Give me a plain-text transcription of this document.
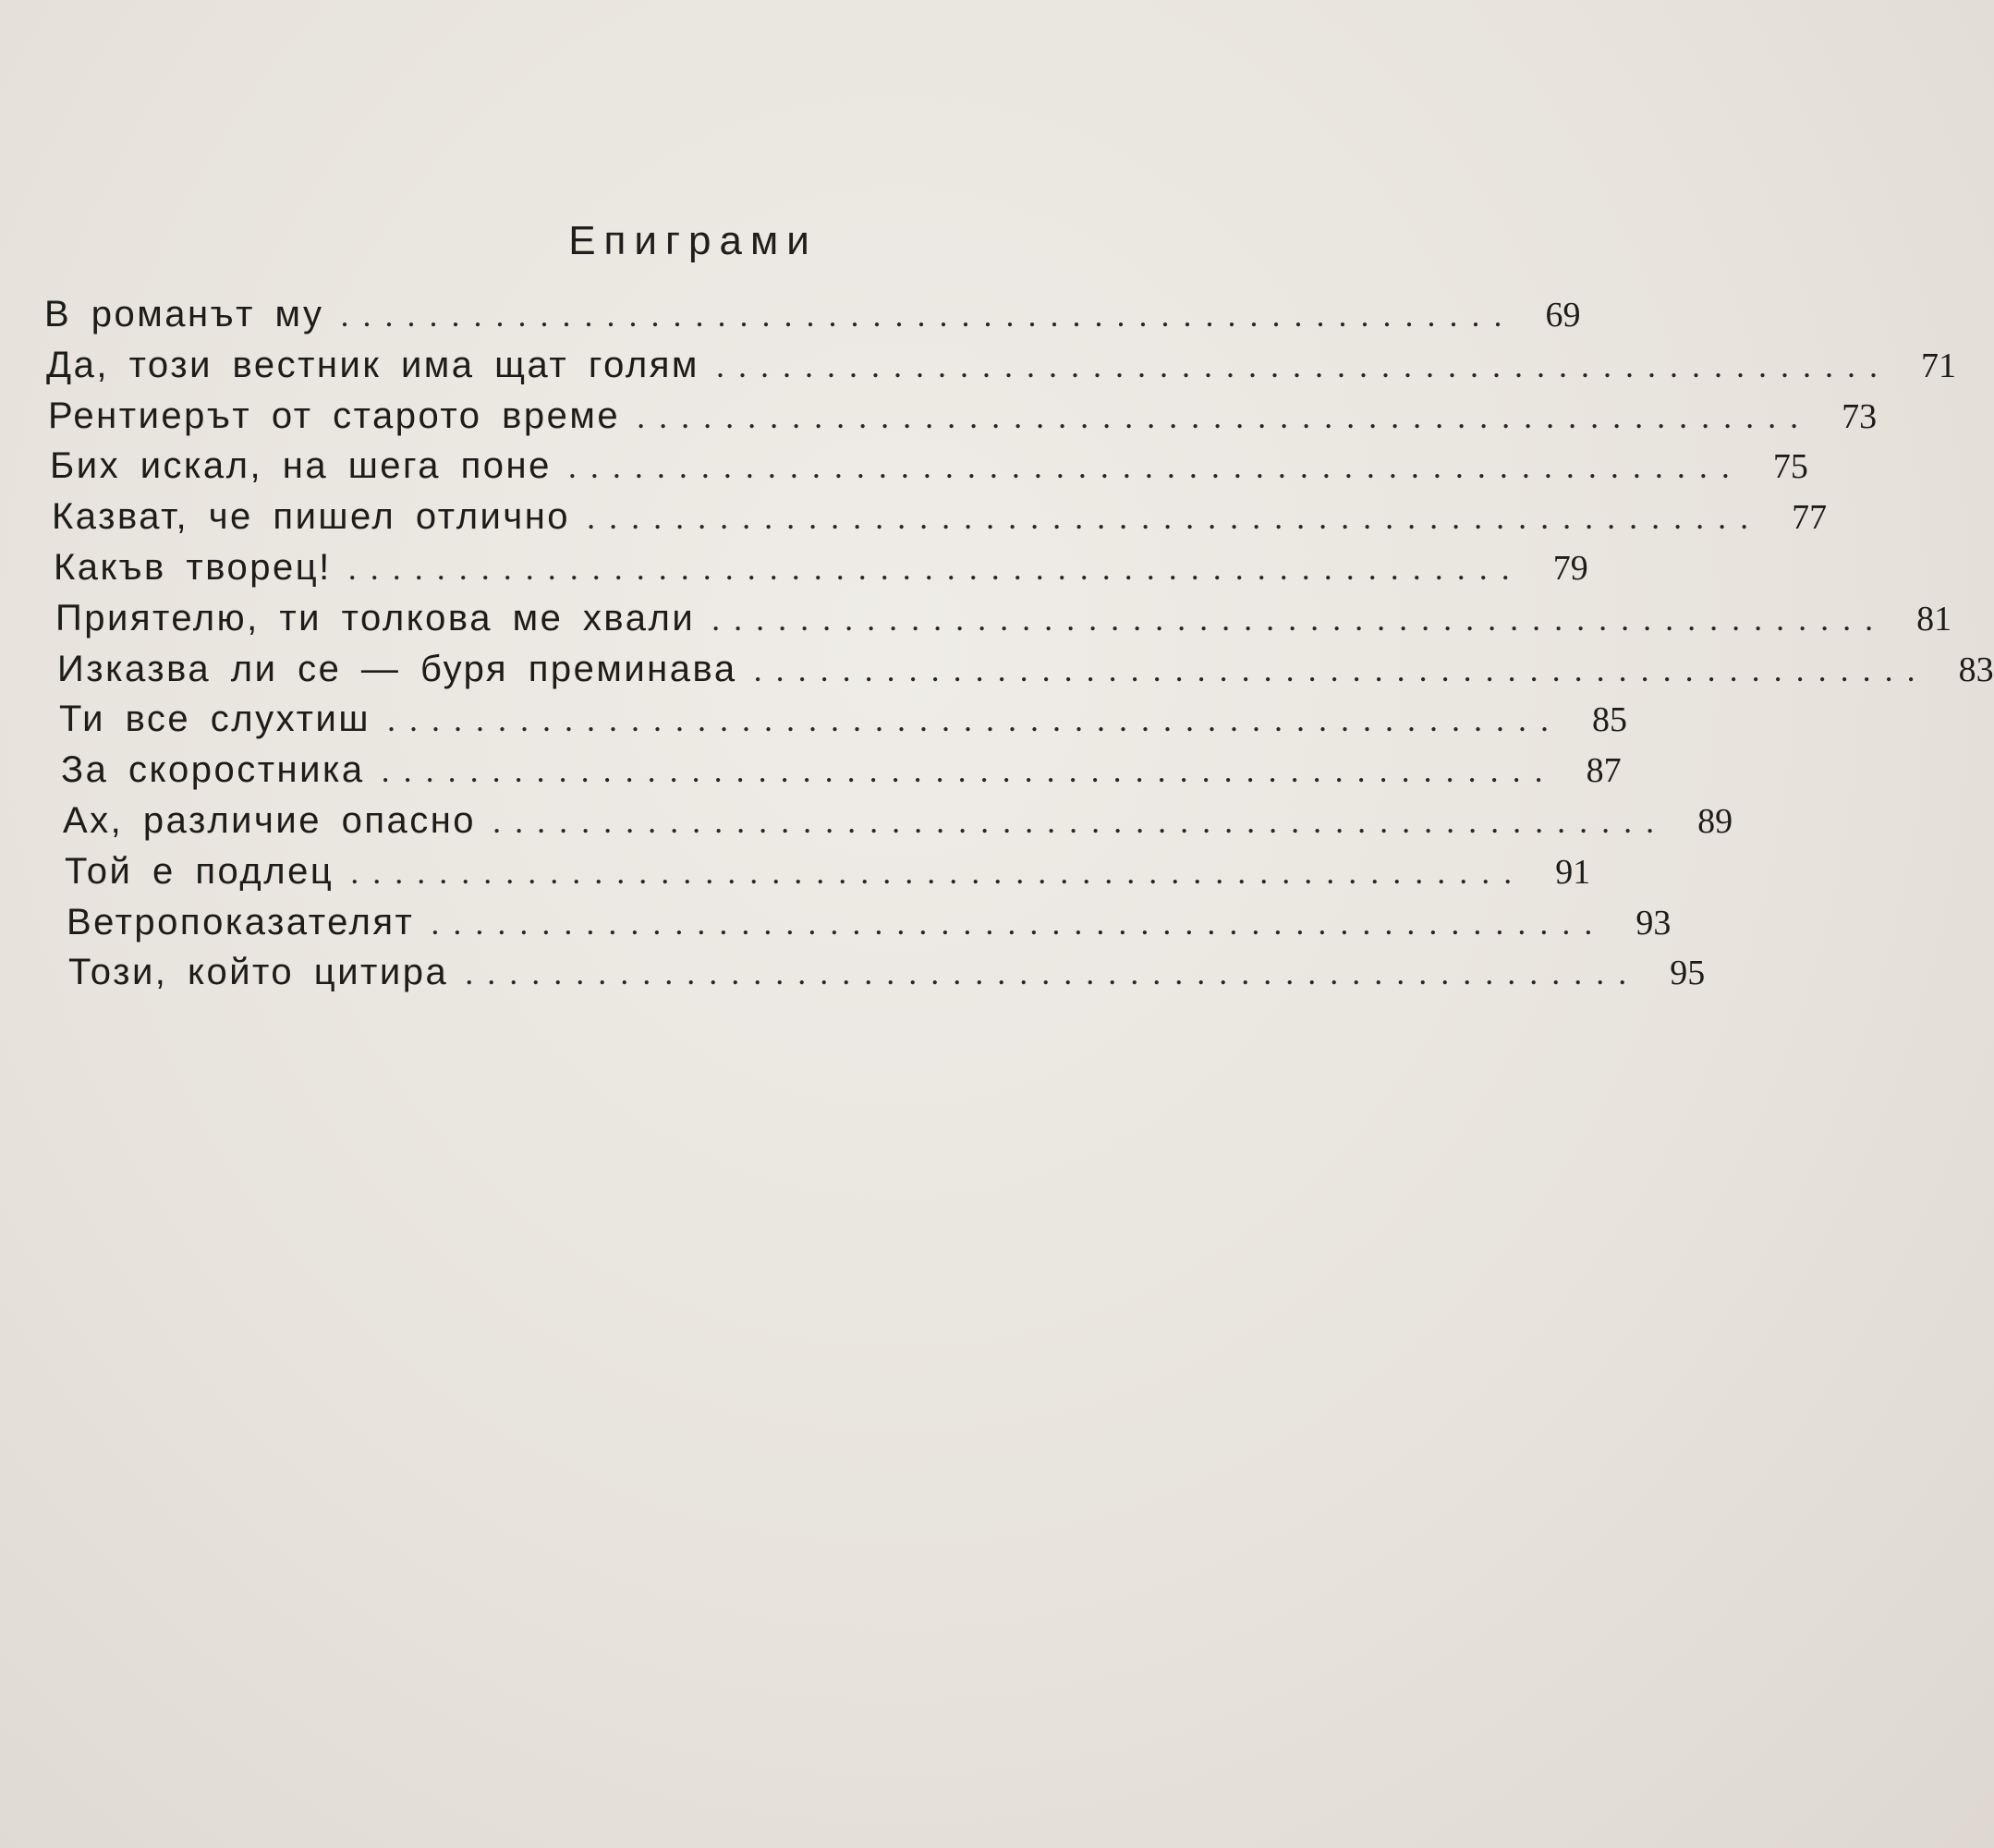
Епиграми
В романът му ..................................................... 69
Да, този вестник има щат голям ..................................................... 71
Рентиерът от старото време ..................................................... 73
Бих искал, на шега поне ..................................................... 75
Казват, че пишел отлично ..................................................... 77
Какъв творец! ..................................................... 79
Приятелю, ти толкова ме хвали ..................................................... 81
Изказва ли се — буря преминава ..................................................... 83
Ти все слухтиш ..................................................... 85
За скоростника ..................................................... 87
Ах, различие опасно ..................................................... 89
Той е подлец ..................................................... 91
Ветропоказателят ..................................................... 93
Този, който цитира ..................................................... 95
